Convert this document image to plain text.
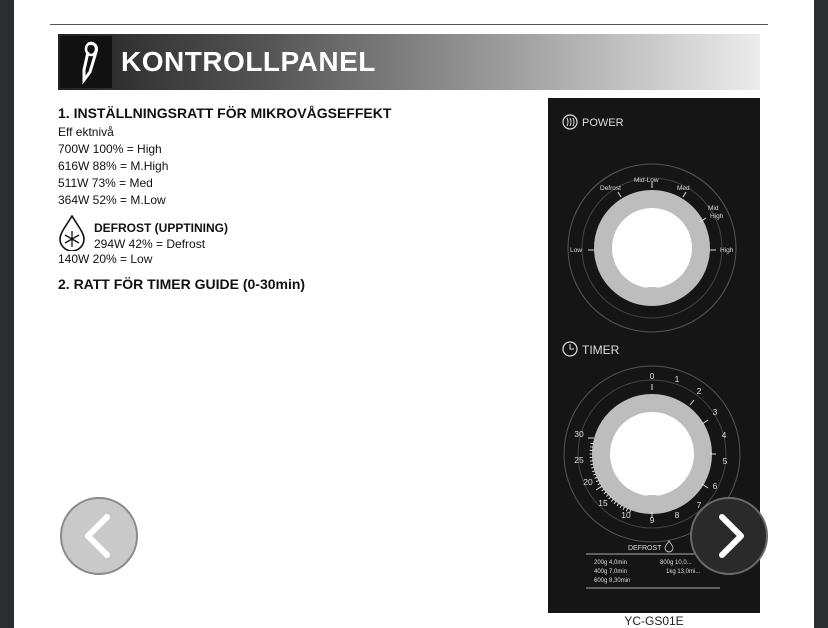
KONTROLLPANEL
1. INSTÄLLNINGSRATT FÖR MIKROVÅGSEFFEKT
Eff ektnivå
700W 100% = High
616W 88% = M.High
511W 73% = Med
364W 52% = M.Low
DEFROST (UPPTINING)
294W 42% = Defrost
140W 20% = Low
2. RATT FÖR TIMER GUIDE (0-30min)
POWER
Defrost
Mid-Low
Med
Mid
High
Low	High
TIMER
0 1
2
3
4
5
6
7
8
9
10
15
20
25
30
DEFROST
200g 4,0min	800g 10,0...
400g 7,0min	1kg 13,0mi...
600g 8,30min
YC-GS01E
